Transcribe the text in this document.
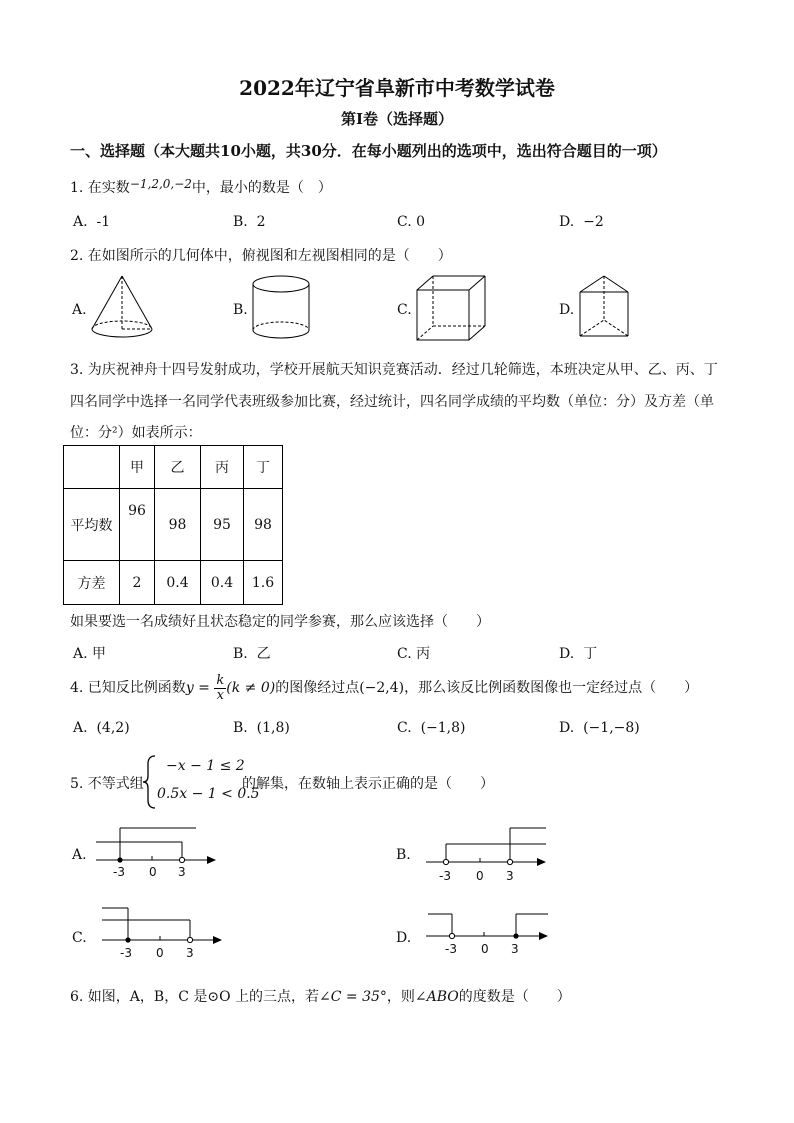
2022年辽宁省阜新市中考数学试卷
第I卷（选择题）
一、选择题（本大题共10小题，共30分．在每小题列出的选项中，选出符合题目的一项）
1. 在实数−1,2,0,−2中，最小的数是（　）
A. -1	B. 2	C. 0	D. −2
2. 在如图所示的几何体中，俯视图和左视图相同的是（　　）
A.	B.	C.	D.
3. 为庆祝神舟十四号发射成功，学校开展航天知识竞赛活动．经过几轮筛选，本班决定从甲、乙、丙、丁
四名同学中选择一名同学代表班级参加比赛，经过统计，四名同学成绩的平均数（单位：分）及方差（单
位：分²）如表所示：
	甲	乙	丙	丁
平均数	96	98	95	98
方差	2	0.4	0.4	1.6
如果要选一名成绩好且状态稳定的同学参赛，那么应该选择（　　）
A. 甲	B. 乙	C. 丙	D. 丁
4. 已知反比例函数$y = \frac{k}{x} (k \ne 0)$的图像经过点(−2,4)，那么该反比例函数图像也一定经过点（　　）
A. (4,2)	B. (1,8)	C. (−1,8)	D. (−1,−8)
5. 不等式组
−x − 1 ≤ 2
0.5x − 1 < 0.5
的解集，在数轴上表示正确的是（　　）
A.
-3 0 3
B.
-3 0 3
C.
-3 0 3
D.
-3 0 3
6. 如图，A，B，C 是⊙O 上的三点，若∠C = 35°，则∠ABO的度数是（　　）
